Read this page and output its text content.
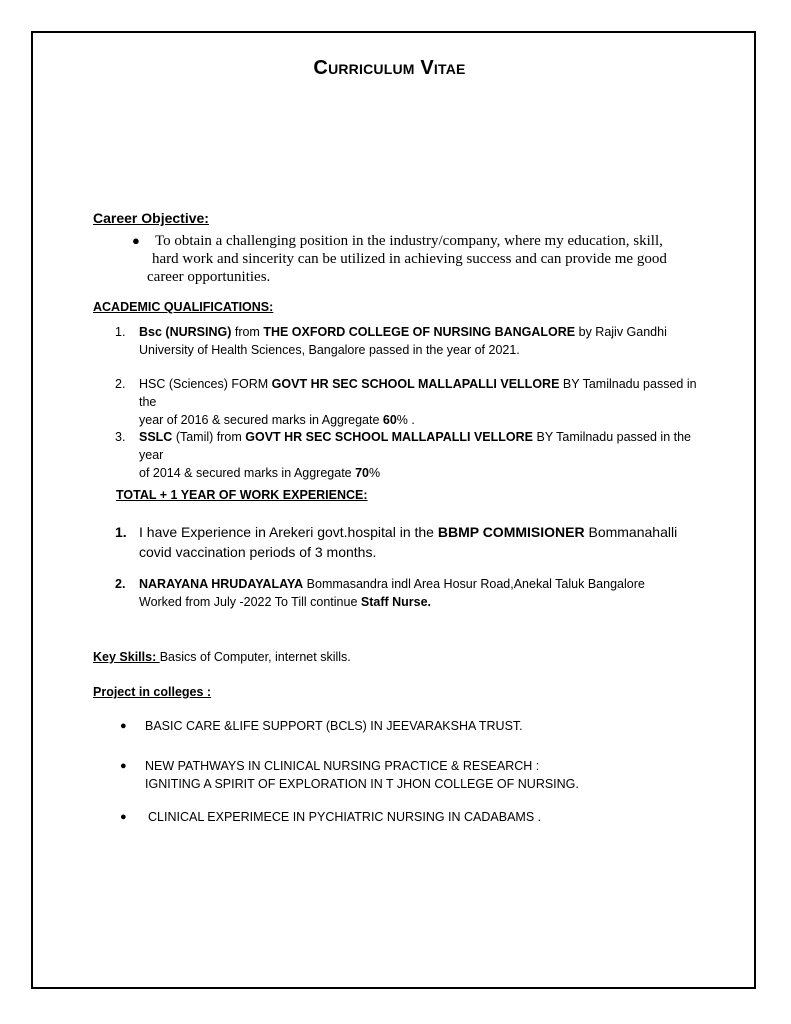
Curriculum Vitae
Career Objective:
●	To obtain a challenging position in the industry/company, where my education, skill,
hard work and sincerity can be utilized in achieving success and can provide me good
career opportunities.
ACADEMIC QUALIFICATIONS:
1. Bsc (NURSING) from THE OXFORD COLLEGE OF NURSING BANGALORE by Rajiv Gandhi
University of Health Sciences, Bangalore passed in the year of 2021.
2. HSC (Sciences) FORM GOVT HR SEC SCHOOL MALLAPALLI VELLORE BY Tamilnadu passed in the
year of 2016 & secured marks in Aggregate 60% .
3. SSLC (Tamil) from GOVT HR SEC SCHOOL MALLAPALLI VELLORE BY Tamilnadu passed in the year
of 2014 & secured marks in Aggregate 70%
TOTAL + 1 YEAR OF WORK EXPERIENCE:
1. I have Experience in Arekeri govt.hospital in the BBMP COMMISIONER Bommanahalli
covid vaccination periods of 3 months.
2. NARAYANA HRUDAYALAYA Bommasandra indl Area Hosur Road,Anekal Taluk Bangalore
Worked from July -2022 To Till continue Staff Nurse.
Key Skills: Basics of Computer, internet skills.
Project in colleges :
● BASIC CARE &LIFE SUPPORT (BCLS) IN JEEVARAKSHA TRUST.
● NEW PATHWAYS IN CLINICAL NURSING PRACTICE & RESEARCH :
IGNITING A SPIRIT OF EXPLORATION IN T JHON COLLEGE OF NURSING.
● CLINICAL EXPERIMECE IN PYCHIATRIC NURSING IN CADABAMS .
